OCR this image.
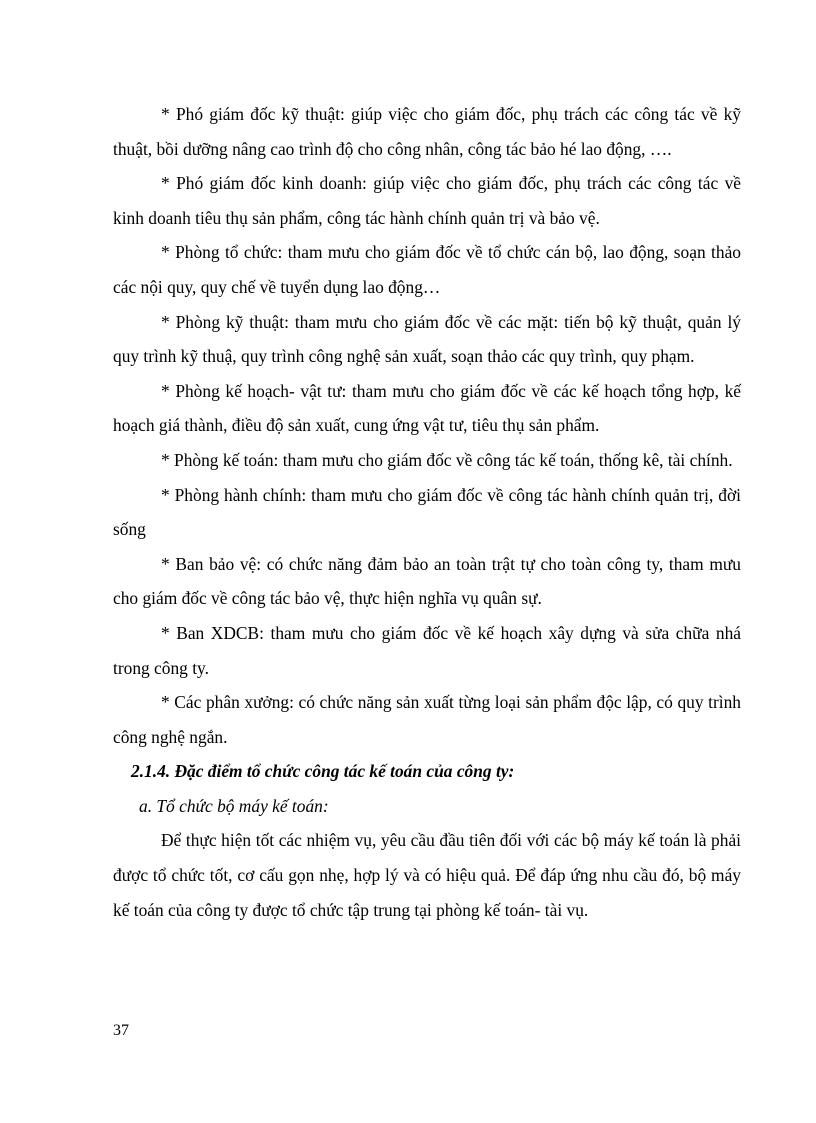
* Phó giám đốc kỹ thuật: giúp việc cho giám đốc, phụ trách các công tác về kỹ thuật, bồi dưỡng nâng cao trình độ cho công nhân, công tác bảo hé lao động, ….

* Phó giám đốc kinh doanh: giúp việc cho giám đốc, phụ trách các công tác về kinh doanh tiêu thụ sản phẩm, công tác hành chính quản trị và bảo vệ.

* Phòng tổ chức: tham mưu cho giám đốc về tổ chức cán bộ, lao động, soạn thảo các nội quy, quy chế về tuyển dụng lao động…

* Phòng kỹ thuật: tham mưu cho giám đốc về các mặt: tiến bộ kỹ thuật, quản lý quy trình kỹ thuậ, quy trình công nghệ sản xuất, soạn thảo các quy trình, quy phạm.

* Phòng kế hoạch- vật tư: tham mưu cho giám đốc về các kế hoạch tổng hợp, kế hoạch giá thành, điều độ sản xuất, cung ứng vật tư, tiêu thụ sản phẩm.

* Phòng kế toán: tham mưu cho giám đốc về công tác kế toán, thống kê, tài chính.

* Phòng hành chính: tham mưu cho giám đốc về công tác hành chính quản trị, đời sống

* Ban bảo vệ: có chức năng đảm bảo an toàn trật tự cho toàn công ty, tham mưu cho giám đốc về công tác bảo vệ, thực hiện nghĩa vụ quân sự.

* Ban XDCB: tham mưu cho giám đốc về kế hoạch xây dựng và sửa chữa nhá trong công ty.

* Các phân xưởng: có chức năng sản xuất từng loại sản phẩm độc lập, có quy trình công nghệ ngắn.

2.1.4. Đặc điểm tổ chức công tác kế toán của công ty:

a. Tổ chức bộ máy kế toán:

Để thực hiện tốt các nhiệm vụ, yêu cầu đầu tiên đối với các bộ máy kế toán là phải được tổ chức tốt, cơ cấu gọn nhẹ, hợp lý và có hiệu quả. Để đáp ứng nhu cầu đó, bộ máy kế toán của công ty được tổ chức tập trung tại phòng kế toán- tài vụ.

37
